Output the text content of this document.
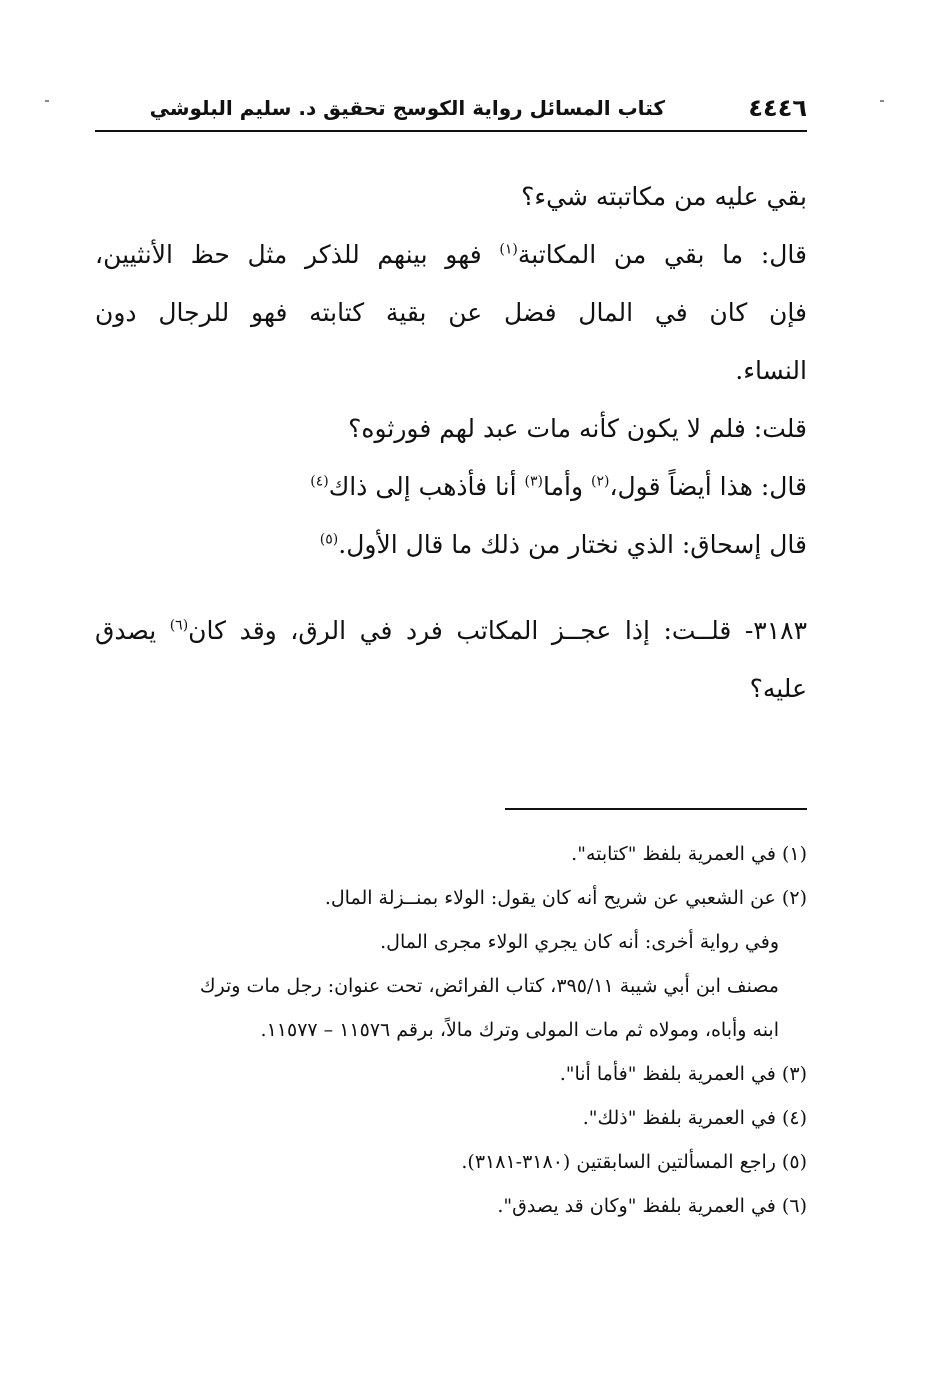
٤٤٤٦
كتاب المسائل رواية الكوسج تحقيق د. سليم البلوشي
بقي عليه من مكاتبته شيء؟
قال: ما بقي من المكاتبة$^{(١)}$ فهو بينهم للذكر مثل حظ الأنثيين،
فإن كان في المال فضل عن بقية كتابته فهو للرجال دون
النساء.
قلت: فلم لا يكون كأنه مات عبد لهم فورثوه؟
قال: هذا أيضاً قول،$^{(٢)}$ وأما$^{(٣)}$ أنا فأذهب إلى ذاك$^{(٤)}$
قال إسحاق: الذي نختار من ذلك ما قال الأول.$^{(٥)}$
٣١٨٣- قلــت: إذا عجــز المكاتب فرد في الرق، وقد كان$^{(٦)}$ يصدق
عليه؟
(١) في العمرية بلفظ "كتابته".
(٢) عن الشعبي عن شريح أنه كان يقول: الولاء بمنــزلة المال.
وفي رواية أخرى: أنه كان يجري الولاء مجرى المال.
مصنف ابن أبي شيبة ٣٩٥/١١، كتاب الفرائض، تحت عنوان: رجل مات وترك
ابنه وأباه، ومولاه ثم مات المولى وترك مالاً، برقم ١١٥٧٦ – ١١٥٧٧.
(٣) في العمرية بلفظ "فأما أنا".
(٤) في العمرية بلفظ "ذلك".
(٥) راجع المسألتين السابقتين (٣١٨٠-٣١٨١).
(٦) في العمرية بلفظ "وكان قد يصدق".
